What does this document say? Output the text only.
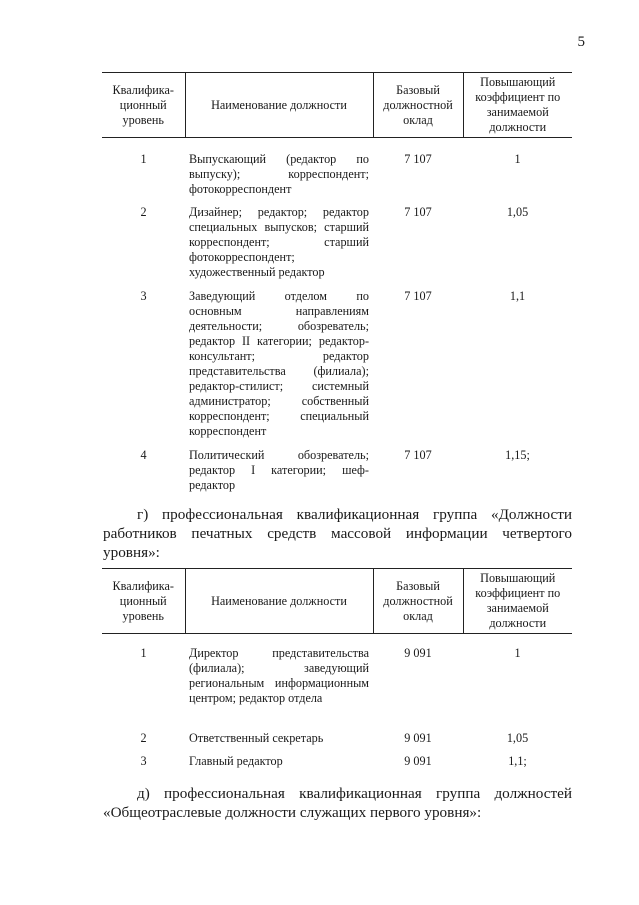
5
Квалифика-ционный уровень	Наименование должности	Базовый должностной оклад	Повышающий коэффициент по занимаемой должности
1	Выпускающий (редактор по выпуску); корреспондент; фотокорреспондент	7 107	1
2	Дизайнер; редактор; редактор специальных выпусков; старший корреспондент; старший фотокорреспондент; художественный редактор	7 107	1,05
3	Заведующий отделом по основным направлениям деятельности; обозреватель; редактор II категории; редактор-консультант; редактор представительства (филиала); редактор-стилист; системный администратор; собственный корреспондент; специальный корреспондент	7 107	1,1
4	Политический обозреватель; редактор I категории; шеф-редактор	7 107	1,15;
г) профессиональная квалификационная группа «Должности работников печатных средств массовой информации четвертого уровня»:
Квалифика-ционный уровень	Наименование должности	Базовый должностной оклад	Повышающий коэффициент по занимаемой должности
1	Директор представительства (филиала); заведующий региональным информационным центром; редактор отдела	9 091	1
2	Ответственный секретарь	9 091	1,05
3	Главный редактор	9 091	1,1;
д) профессиональная квалификационная группа должностей «Общеотраслевые должности служащих первого уровня»:
